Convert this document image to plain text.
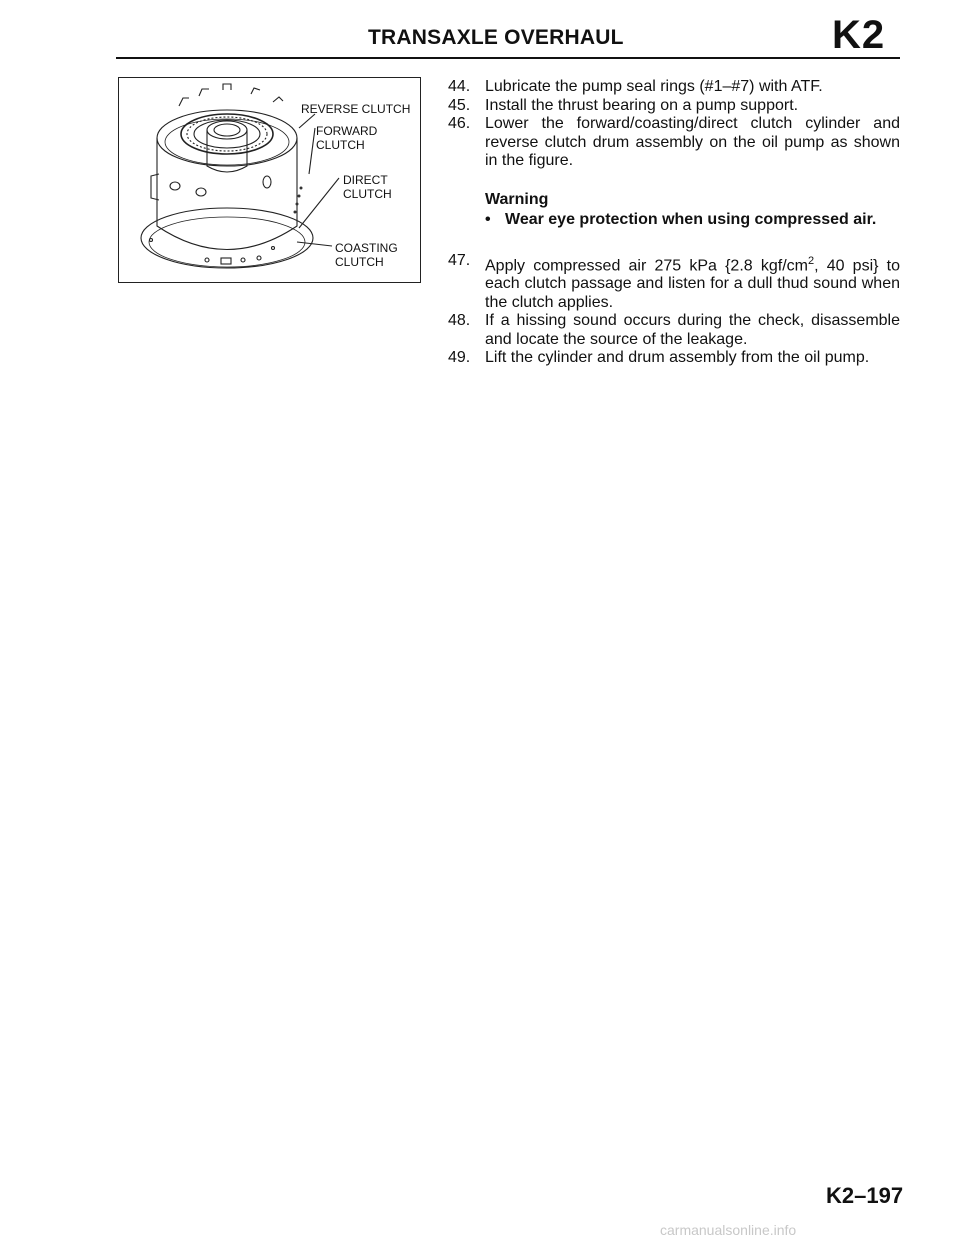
TRANSAXLE OVERHAUL	K2
REVERSE CLUTCH
FORWARD
CLUTCH
DIRECT
CLUTCH
COASTING
CLUTCH
44. Lubricate the pump seal rings (#1–#7) with ATF.
45. Install the thrust bearing on a pump support.
46. Lower the forward/coasting/direct clutch cylinder and reverse clutch drum assembly on the oil pump as shown in the figure.
Warning
• Wear eye protection when using compressed air.
47. Apply compressed air 275 kPa {2.8 kgf/$cm^2$, 40 psi} to each clutch passage and listen for a dull thud sound when the clutch applies.
48. If a hissing sound occurs during the check, disassemble and locate the source of the leakage.
49. Lift the cylinder and drum assembly from the oil pump.
K2–197
carmanualsonline.info
